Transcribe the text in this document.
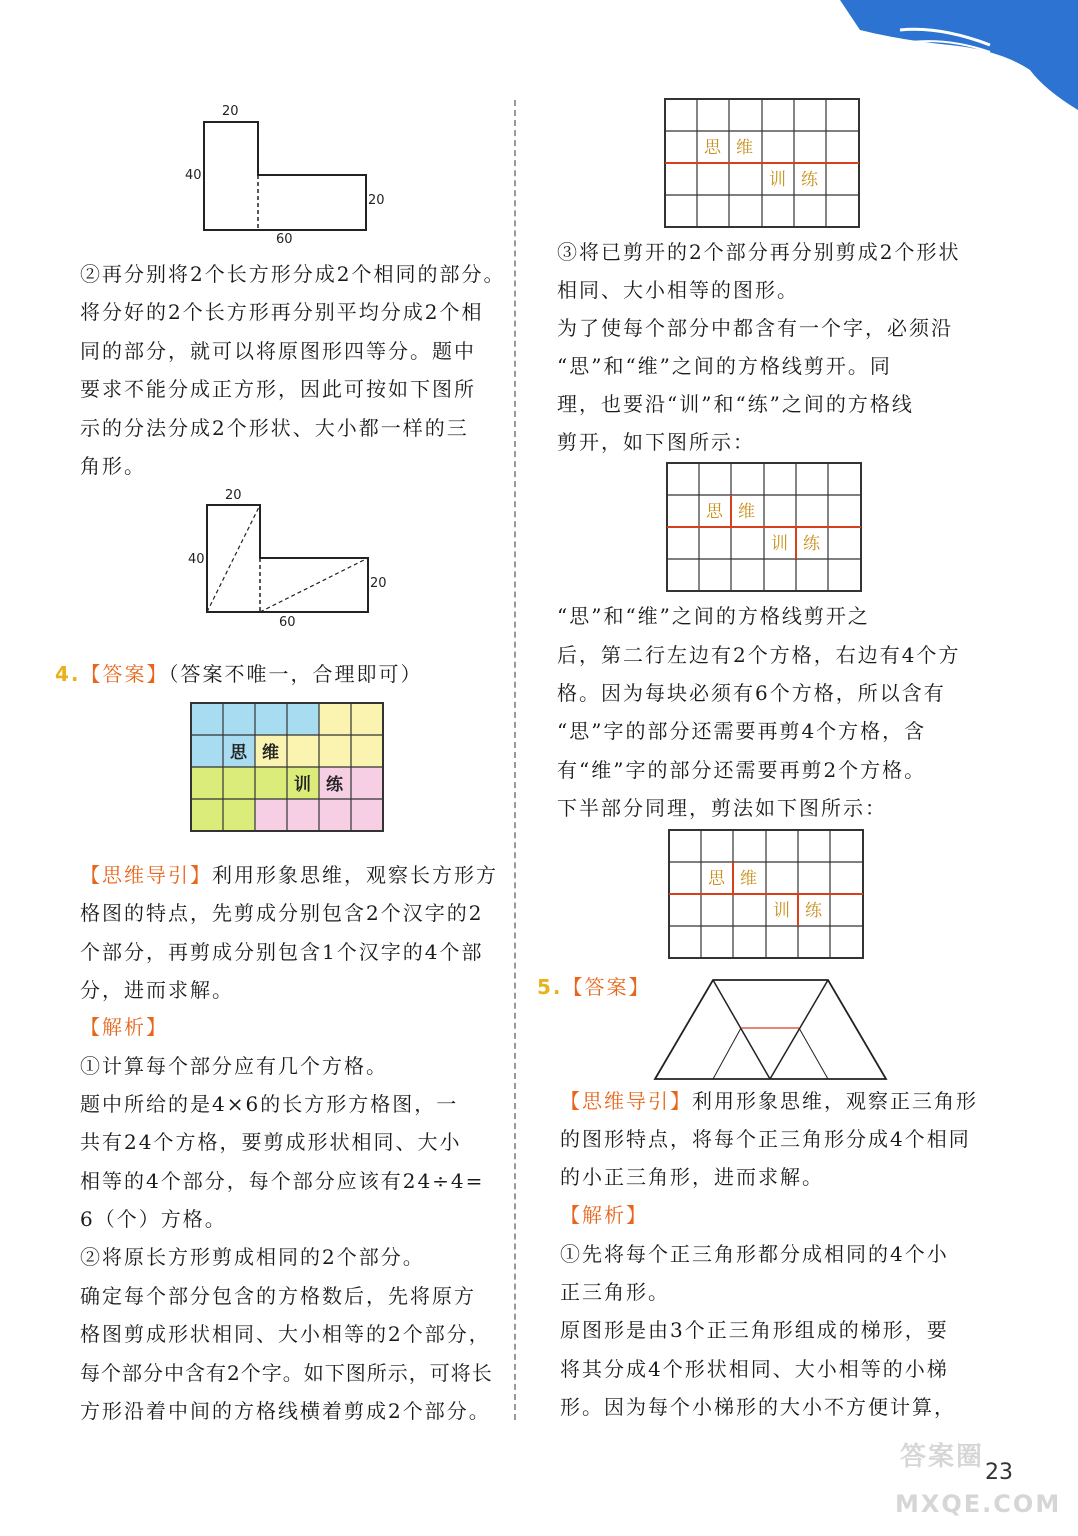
20
40
20
60
②再分别将2个长方形分成2个相同的部分。
将分好的2个长方形再分别平均分成2个相
同的部分，就可以将原图形四等分。题中
要求不能分成正方形，因此可按如下图所
示的分法分成2个形状、大小都一样的三
角形。
20
40
20
60
4.【答案】（答案不唯一，合理即可）
思 维
训 练
【思维导引】利用形象思维，观察长方形方
格图的特点，先剪成分别包含2个汉字的2
个部分，再剪成分别包含1个汉字的4个部
分，进而求解。
【解析】
①计算每个部分应有几个方格。
题中所给的是4×6的长方形方格图，一
共有24个方格，要剪成形状相同、大小
相等的4个部分，每个部分应该有24÷4=
6（个）方格。
②将原长方形剪成相同的2个部分。
确定每个部分包含的方格数后，先将原方
格图剪成形状相同、大小相等的2个部分，
每个部分中含有2个字。如下图所示，可将长
方形沿着中间的方格线横着剪成2个部分。
思 维
训 练
③将已剪开的2个部分再分别剪成2个形状
相同、大小相等的图形。
为了使每个部分中都含有一个字，必须沿
“思”和“维”之间的方格线剪开。同
理，也要沿“训”和“练”之间的方格线
剪开，如下图所示：
思 维
训 练
“思”和“维”之间的方格线剪开之
后，第二行左边有2个方格，右边有4个方
格。因为每块必须有6个方格，所以含有
“思”字的部分还需要再剪4个方格，含
有“维”字的部分还需要再剪2个方格。
下半部分同理，剪法如下图所示：
思 维
训 练
5.【答案】
【思维导引】利用形象思维，观察正三角形
的图形特点，将每个正三角形分成4个相同
的小正三角形，进而求解。
【解析】
①先将每个正三角形都分成相同的4个小
正三角形。
原图形是由3个正三角形组成的梯形，要
将其分成4个形状相同、大小相等的小梯
形。因为每个小梯形的大小不方便计算，
答案圈
MXQE.COM
23
